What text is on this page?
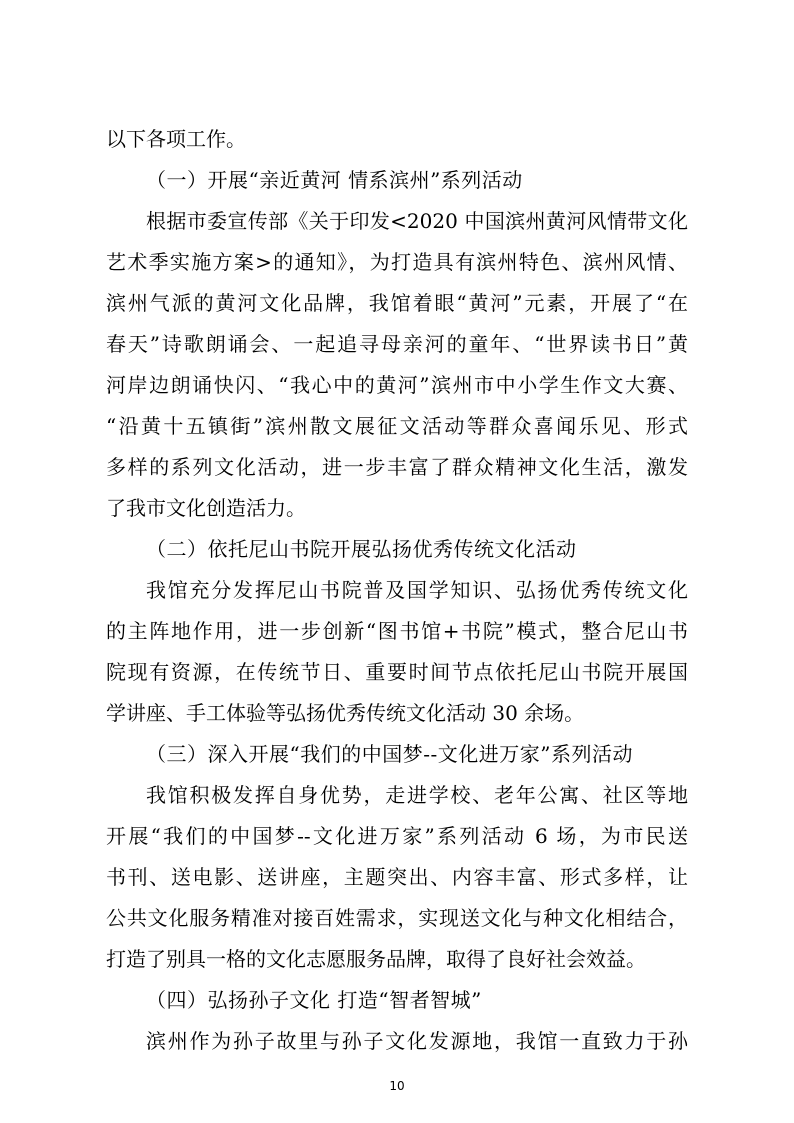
以下各项工作。
（一）开展“亲近黄河 情系滨州”系列活动
根据市委宣传部《关于印发<2020 中国滨州黄河风情带文化
艺术季实施方案>的通知》，为打造具有滨州特色、滨州风情、
滨州气派的黄河文化品牌，我馆着眼“黄河”元素，开展了“在
春天”诗歌朗诵会、一起追寻母亲河的童年、“世界读书日”黄
河岸边朗诵快闪、“我心中的黄河”滨州市中小学生作文大赛、
“沿黄十五镇街”滨州散文展征文活动等群众喜闻乐见、形式
多样的系列文化活动，进一步丰富了群众精神文化生活，激发
了我市文化创造活力。
（二）依托尼山书院开展弘扬优秀传统文化活动
我馆充分发挥尼山书院普及国学知识、弘扬优秀传统文化
的主阵地作用，进一步创新“图书馆+书院”模式，整合尼山书
院现有资源，在传统节日、重要时间节点依托尼山书院开展国
学讲座、手工体验等弘扬优秀传统文化活动 30 余场。
（三）深入开展“我们的中国梦--文化进万家”系列活动
我馆积极发挥自身优势，走进学校、老年公寓、社区等地
开展“我们的中国梦--文化进万家”系列活动 6 场，为市民送
书刊、送电影、送讲座，主题突出、内容丰富、形式多样，让
公共文化服务精准对接百姓需求，实现送文化与种文化相结合，
打造了别具一格的文化志愿服务品牌，取得了良好社会效益。
（四）弘扬孙子文化 打造“智者智城”
滨州作为孙子故里与孙子文化发源地，我馆一直致力于孙
10
